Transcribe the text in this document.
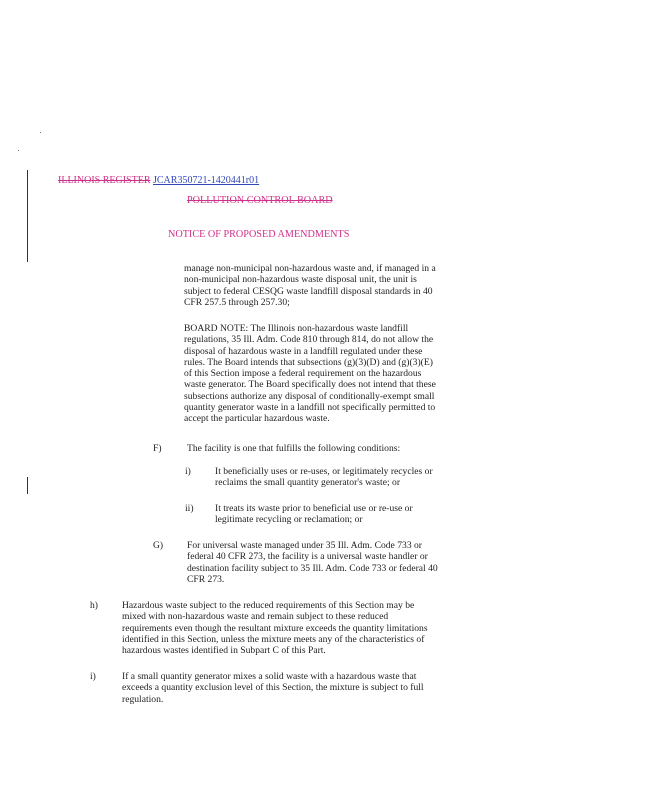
ILLINOIS REGISTER JCAR350721-1420441r01
POLLUTION CONTROL BOARD
NOTICE OF PROPOSED AMENDMENTS

manage non-municipal non-hazardous waste and, if managed in a

non-municipal non-hazardous waste disposal unit, the unit is

subject to federal CESQG waste landfill disposal standards in 40

CFR 257.5 through 257.30;

BOARD NOTE: The Illinois non-hazardous waste landfill

regulations, 35 Ill. Adm. Code 810 through 814, do not allow the

disposal of hazardous waste in a landfill regulated under these

rules. The Board intends that subsections (g)(3)(D) and (g)(3)(E)

of this Section impose a federal requirement on the hazardous

waste generator. The Board specifically does not intend that these

subsections authorize any disposal of conditionally-exempt small

quantity generator waste in a landfill not specifically permitted to

accept the particular hazardous waste.

F)	The facility is one that fulfills the following conditions:

i)	It beneficially uses or re-uses, or legitimately recycles or

reclaims the small quantity generator's waste; or

ii) It treats its waste prior to beneficial use or re-use or

legitimate recycling or reclamation; or

G) For universal waste managed under 35 Ill. Adm. Code 733 or

federal 40 CFR 273, the facility is a universal waste handler or

destination facility subject to 35 Ill. Adm. Code 733 or federal 40

CFR 273.

h)	Hazardous waste subject to the reduced requirements of this Section may be

mixed with non-hazardous waste and remain subject to these reduced

requirements even though the resultant mixture exceeds the quantity limitations

identified in this Section, unless the mixture meets any of the characteristics of

hazardous wastes identified in Subpart C of this Part.

i)	If a small quantity generator mixes a solid waste with a hazardous waste that

exceeds a quantity exclusion level of this Section, the mixture is subject to full

regulation.
